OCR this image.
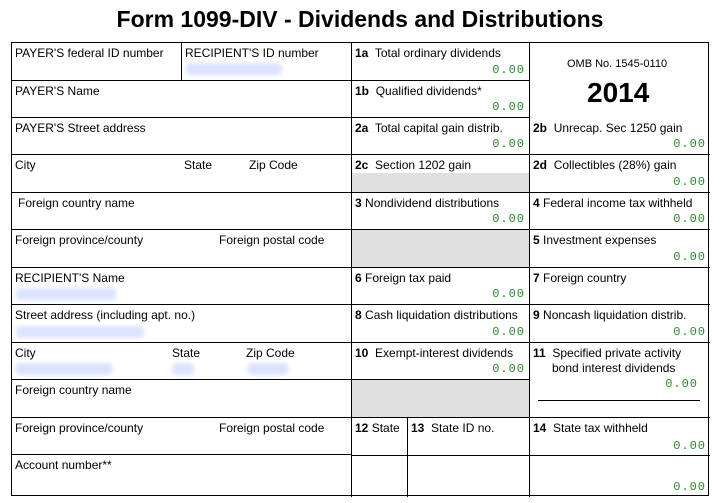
Form 1099-DIV - Dividends and Distributions
PAYER'S federal ID number	RECIPIENT'S ID number
PAYER'S Name
PAYER'S Street address
City	State	Zip Code
Foreign country name
Foreign province/county	Foreign postal code
RECIPIENT'S Name
Street address (including apt. no.)
City	State	Zip Code
Foreign country name
Foreign province/county	Foreign postal code
Account number**
1a Total ordinary dividends
0.00
1b Qualified dividends*
0.00
2a Total capital gain distrib.
0.00
2c Section 1202 gain
3 Nondividend distributions
0.00
6 Foreign tax paid
0.00
8 Cash liquidation distributions
0.00
10 Exempt-interest dividends
0.00
12 State 13 State ID no.
OMB No. 1545-0110
2014
2b Unrecap. Sec 1250 gain
0.00
2d Collectibles (28%) gain
0.00
4 Federal income tax withheld
0.00
5 Investment expenses
0.00
7 Foreign country
9 Noncash liquidation distrib.
0.00
11 Specified private activity
bond interest dividends
0.00
14 State tax withheld
0.00
0.00
